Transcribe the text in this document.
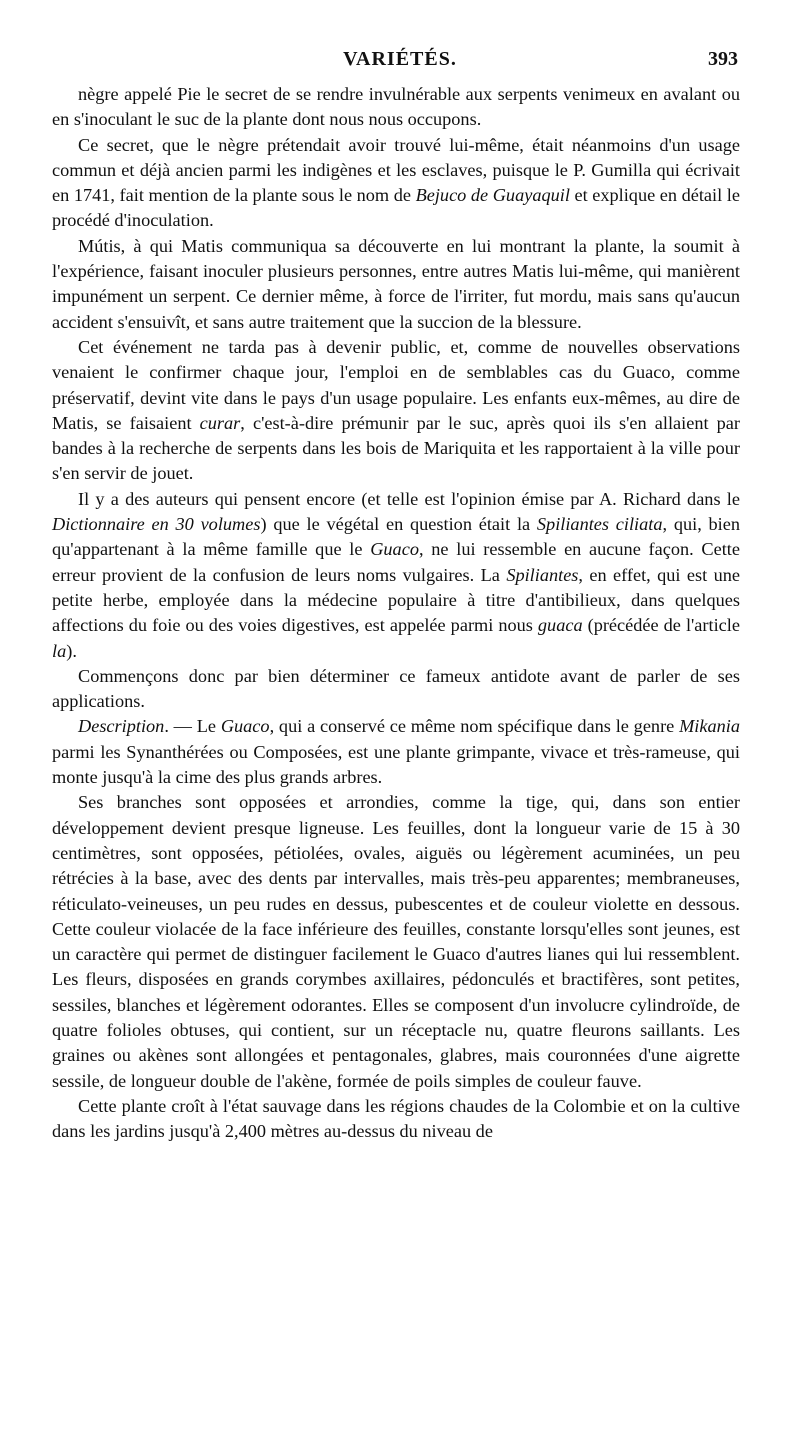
VARIÉTÉS.	393

nègre appelé Pie le secret de se rendre invulnérable aux serpents venimeux en avalant ou en s'inoculant le suc de la plante dont nous nous occupons.

Ce secret, que le nègre prétendait avoir trouvé lui-même, était néanmoins d'un usage commun et déjà ancien parmi les indigènes et les esclaves, puisque le P. Gumilla qui écrivait en 1741, fait mention de la plante sous le nom de Bejuco de Guayaquil et explique en détail le procédé d'inoculation.

Mútis, à qui Matis communiqua sa découverte en lui montrant la plante, la soumit à l'expérience, faisant inoculer plusieurs personnes, entre autres Matis lui-même, qui manièrent impunément un serpent. Ce dernier même, à force de l'irriter, fut mordu, mais sans qu'aucun accident s'ensuivît, et sans autre traitement que la succion de la blessure.

Cet événement ne tarda pas à devenir public, et, comme de nouvelles observations venaient le confirmer chaque jour, l'emploi en de semblables cas du Guaco, comme préservatif, devint vite dans le pays d'un usage populaire. Les enfants eux-mêmes, au dire de Matis, se faisaient curar, c'est-à-dire prémunir par le suc, après quoi ils s'en allaient par bandes à la recherche de serpents dans les bois de Mariquita et les rapportaient à la ville pour s'en servir de jouet.

Il y a des auteurs qui pensent encore (et telle est l'opinion émise par A. Richard dans le Dictionnaire en 30 volumes) que le végétal en question était la Spiliantes ciliata, qui, bien qu'appartenant à la même famille que le Guaco, ne lui ressemble en aucune façon. Cette erreur provient de la confusion de leurs noms vulgaires. La Spiliantes, en effet, qui est une petite herbe, employée dans la médecine populaire à titre d'antibilieux, dans quelques affections du foie ou des voies digestives, est appelée parmi nous guaca (précédée de l'article la).

Commençons donc par bien déterminer ce fameux antidote avant de parler de ses applications.

Description. — Le Guaco, qui a conservé ce même nom spécifique dans le genre Mikania parmi les Synanthérées ou Composées, est une plante grimpante, vivace et très-rameuse, qui monte jusqu'à la cime des plus grands arbres.

Ses branches sont opposées et arrondies, comme la tige, qui, dans son entier développement devient presque ligneuse. Les feuilles, dont la longueur varie de 15 à 30 centimètres, sont opposées, pétiolées, ovales, aiguës ou légèrement acuminées, un peu rétrécies à la base, avec des dents par intervalles, mais très-peu apparentes; membraneuses, réticulato-veineuses, un peu rudes en dessus, pubescentes et de couleur violette en dessous. Cette couleur violacée de la face inférieure des feuilles, constante lorsqu'elles sont jeunes, est un caractère qui permet de distinguer facilement le Guaco d'autres lianes qui lui ressemblent. Les fleurs, disposées en grands corymbes axillaires, pédonculés et bractifères, sont petites, sessiles, blanches et légèrement odorantes. Elles se composent d'un involucre cylindroïde, de quatre folioles obtuses, qui contient, sur un réceptacle nu, quatre fleurons saillants. Les graines ou akènes sont allongées et pentagonales, glabres, mais couronnées d'une aigrette sessile, de longueur double de l'akène, formée de poils simples de couleur fauve.

Cette plante croît à l'état sauvage dans les régions chaudes de la Colombie et on la cultive dans les jardins jusqu'à 2,400 mètres au-dessus du niveau de
